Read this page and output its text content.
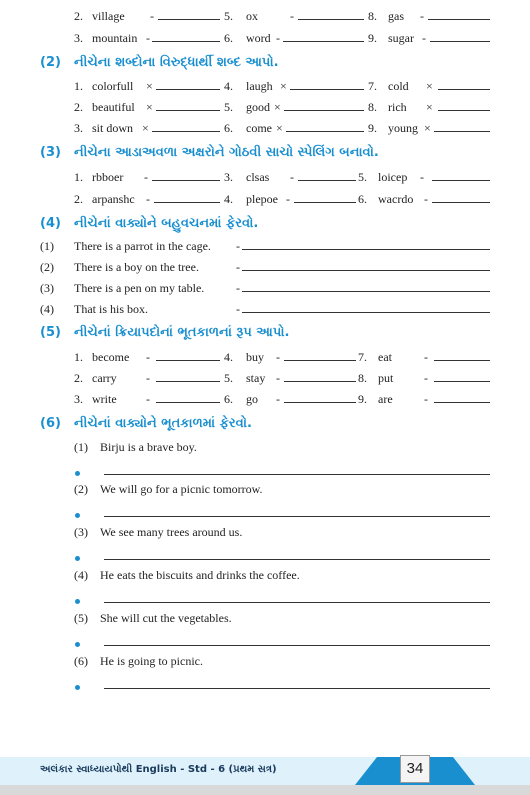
2. village -	5. ox	-	8. gas -
3. mountain -	6. word -	9. sugar -
(2) નીચેના શબ્દોના વિરુદ્ધાર્થી શબ્દ આપો.
1. colorfull ×	4. laugh ×	7. cold ×
2. beautiful ×	5. good ×	8. rich ×
3. sit down ×	6. come ×	9. young ×
(3) નીચેના આડાઅવળા અક્ષરોને ગોઠવી સાચો સ્પેલિંગ બનાવો.
1. rbboer -	3. clsas -	5. loicep -
2. arpanshc -	4. plepoe -	6. wacrdo -
(4) નીચેનાં વાક્યોને બહુવચનમાં ફેરવો.
(1) There is a parrot in the cage. -
(2) There is a boy on the tree.	-
(3) There is a pen on my table.	-
(4) That is his box.	-
(5) નીચેનાં ક્રિયાપદોનાં ભૂતકાળનાં રૂપ આપો.
1. become -	4. buy -	7. eat	-
2. carry -	5. stay -	8. put	-
3. write -	6. go -	9. are	-
(6) નીચેનાં વાક્યોને ભૂતકાળમાં ફેરવો.
(1) Birju is a brave boy.
(2) We will go for a picnic tomorrow.
(3) We see many trees around us.
(4) He eats the biscuits and drinks the coffee.
(5) She will cut the vegetables.
(6) He is going to picnic.
અલંકાર સ્વાધ્યાયપોથી English - Std - 6 (પ્રથમ સત્ર)	34
